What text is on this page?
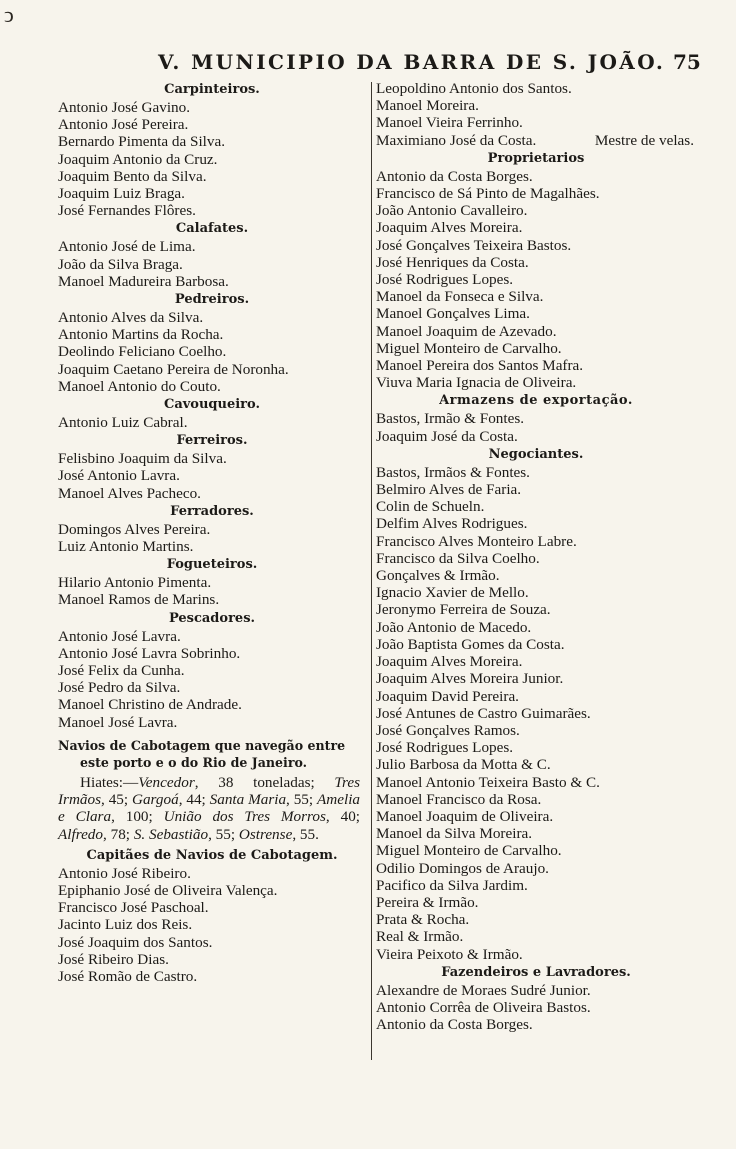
ↄ
V. MUNICIPIO DA BARRA DE S. JOÃO. 75
Carpinteiros.
Antonio José Gavino.
Antonio José Pereira.
Bernardo Pimenta da Silva.
Joaquim Antonio da Cruz.
Joaquim Bento da Silva.
Joaquim Luiz Braga.
José Fernandes Flôres.
Calafates.
Antonio José de Lima.
João da Silva Braga.
Manoel Madureira Barbosa.
Pedreiros.
Antonio Alves da Silva.
Antonio Martins da Rocha.
Deolindo Feliciano Coelho.
Joaquim Caetano Pereira de Noronha.
Manoel Antonio do Couto.
Cavouqueiro.
Antonio Luiz Cabral.
Ferreiros.
Felisbino Joaquim da Silva.
José Antonio Lavra.
Manoel Alves Pacheco.
Ferradores.
Domingos Alves Pereira.
Luiz Antonio Martins.
Fogueteiros.
Hilario Antonio Pimenta.
Manoel Ramos de Marins.
Pescadores.
Antonio José Lavra.
Antonio José Lavra Sobrinho.
José Felix da Cunha.
José Pedro da Silva.
Manoel Christino de Andrade.
Manoel José Lavra.
Navios de Cabotagem que navegão entre
este porto e o do Rio de Janeiro.
Hiates:—Vencedor, 38 toneladas; Tres Irmãos, 45; Gargoá, 44; Santa Maria, 55; Amelia e Clara, 100; União dos Tres Morros, 40; Alfredo, 78; S. Sebastião, 55; Ostrense, 55.
Capitães de Navios de Cabotagem.
Antonio José Ribeiro.
Epiphanio José de Oliveira Valença.
Francisco José Paschoal.
Jacinto Luiz dos Reis.
José Joaquim dos Santos.
José Ribeiro Dias.
José Romão de Castro.
Leopoldino Antonio dos Santos.
Manoel Moreira.
Manoel Vieira Ferrinho.
Maximiano José da Costa.	Mestre de velas.
Proprietarios
Antonio da Costa Borges.
Francisco de Sá Pinto de Magalhães.
João Antonio Cavalleiro.
Joaquim Alves Moreira.
José Gonçalves Teixeira Bastos.
José Henriques da Costa.
José Rodrigues Lopes.
Manoel da Fonseca e Silva.
Manoel Gonçalves Lima.
Manoel Joaquim de Azevado.
Miguel Monteiro de Carvalho.
Manoel Pereira dos Santos Mafra.
Viuva Maria Ignacia de Oliveira.
Armazens de exportação.
Bastos, Irmão & Fontes.
Joaquim José da Costa.
Negociantes.
Bastos, Irmãos & Fontes.
Belmiro Alves de Faria.
Colin de Schueln.
Delfim Alves Rodrigues.
Francisco Alves Monteiro Labre.
Francisco da Silva Coelho.
Gonçalves & Irmão.
Ignacio Xavier de Mello.
Jeronymo Ferreira de Souza.
João Antonio de Macedo.
João Baptista Gomes da Costa.
Joaquim Alves Moreira.
Joaquim Alves Moreira Junior.
Joaquim David Pereira.
José Antunes de Castro Guimarães.
José Gonçalves Ramos.
José Rodrigues Lopes.
Julio Barbosa da Motta & C.
Manoel Antonio Teixeira Basto & C.
Manoel Francisco da Rosa.
Manoel Joaquim de Oliveira.
Manoel da Silva Moreira.
Miguel Monteiro de Carvalho.
Odilio Domingos de Araujo.
Pacifico da Silva Jardim.
Pereira & Irmão.
Prata & Rocha.
Real & Irmão.
Vieira Peixoto & Irmão.
Fazendeiros e Lavradores.
Alexandre de Moraes Sudré Junior.
Antonio Corrêa de Oliveira Bastos.
Antonio da Costa Borges.
